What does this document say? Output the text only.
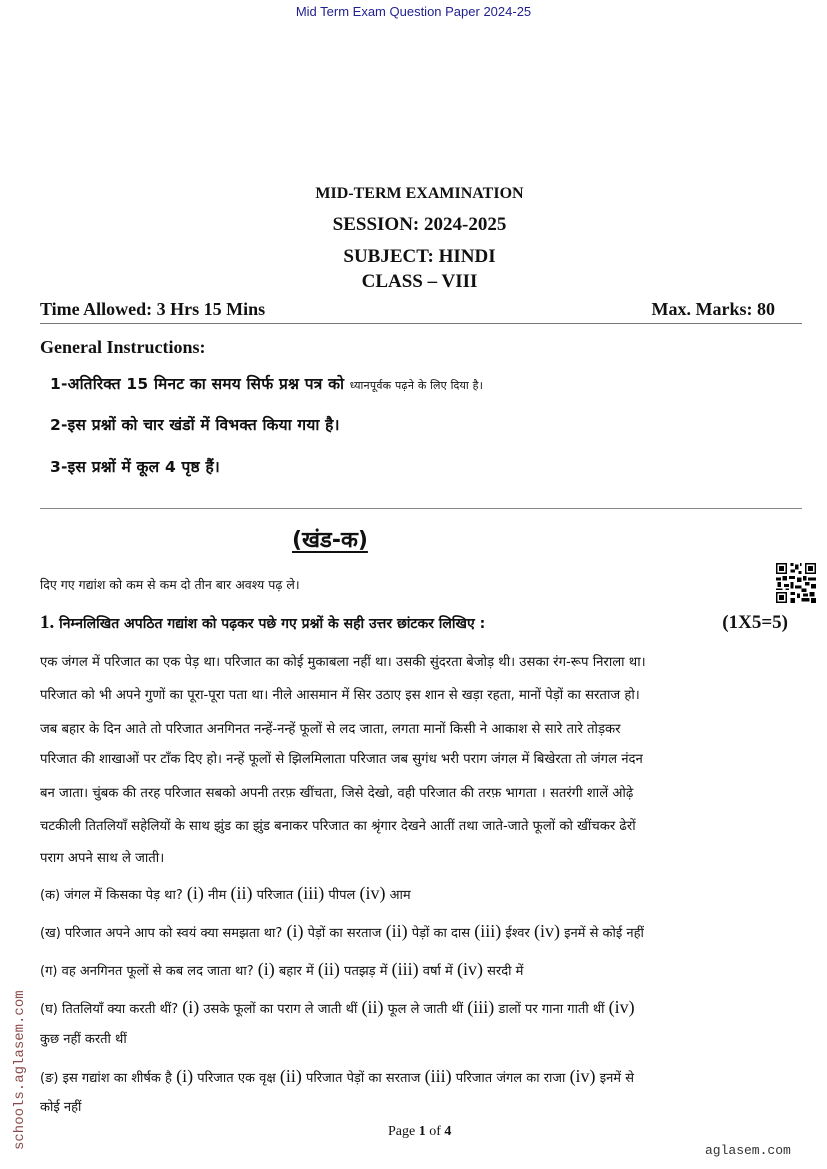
Mid Term Exam Question Paper 2024-25
MID-TERM EXAMINATION
SESSION: 2024-2025
SUBJECT: HINDI
CLASS – VIII
Time Allowed: 3 Hrs 15 Mins	Max. Marks: 80
General Instructions:
1-अतिरिक्त 15 मिनट का समय सिर्फ प्रश्न पत्र को ध्यानपूर्वक पढ़ने के लिए दिया है।
2-इस प्रश्नों को चार खंडों में विभक्त किया गया है।
3-इस प्रश्नों में कूल 4 पृष्ठ हैं।
(खंड-क)
दिए गए गद्यांश को कम से कम दो तीन बार अवश्य पढ़ ले।
1. निम्नलिखित अपठित गद्यांश को पढ़कर पछे गए प्रश्नों के सही उत्तर छांटकर लिखिए :	(1X5=5)
एक जंगल में परिजात का एक पेड़ था। परिजात का कोई मुकाबला नहीं था। उसकी सुंदरता बेजोड़ थी। उसका रंग-रूप निराला था।
परिजात को भी अपने गुणों का पूरा-पूरा पता था। नीले आसमान में सिर उठाए इस शान से खड़ा रहता, मानों पेड़ों का सरताज हो।
जब बहार के दिन आते तो परिजात अनगिनत नन्हें-नन्हें फूलों से लद जाता, लगता मानों किसी ने आकाश से सारे तारे तोड़कर
परिजात की शाखाओं पर टाँक दिए हो। नन्हें फूलों से झिलमिलाता परिजात जब सुगंध भरी पराग जंगल में बिखेरता तो जंगल नंदन
बन जाता। चुंबक की तरह परिजात सबको अपनी तरफ़ खींचता, जिसे देखो, वही परिजात की तरफ़ भागता । सतरंगी शालें ओढ़े
चटकीली तितलियाँ सहेलियों के साथ झुंड का झुंड बनाकर परिजात का श्रृंगार देखने आतीं तथा जाते-जाते फूलों को खींचकर ढेरों
पराग अपने साथ ले जाती।
(क) जंगल में किसका पेड़ था? (i) नीम (ii) परिजात (iii) पीपल (iv) आम
(ख) परिजात अपने आप को स्वयं क्या समझता था? (i) पेड़ों का सरताज (ii) पेड़ों का दास (iii) ईश्वर (iv) इनमें से कोई नहीं
(ग) वह अनगिनत फूलों से कब लद जाता था? (i) बहार में (ii) पतझड़ में (iii) वर्षा में (iv) सरदी में
(घ) तितलियाँ क्या करती थीं? (i) उसके फूलों का पराग ले जाती थीं (ii) फूल ले जाती थीं (iii) डालों पर गाना गाती थीं (iv)
कुछ नहीं करती थीं
(ङ) इस गद्यांश का शीर्षक है (i) परिजात एक वृक्ष (ii) परिजात पेड़ों का सरताज (iii) परिजात जंगल का राजा (iv) इनमें से
कोई नहीं
Page 1 of 4
aglasem.com
schools.aglasem.com
